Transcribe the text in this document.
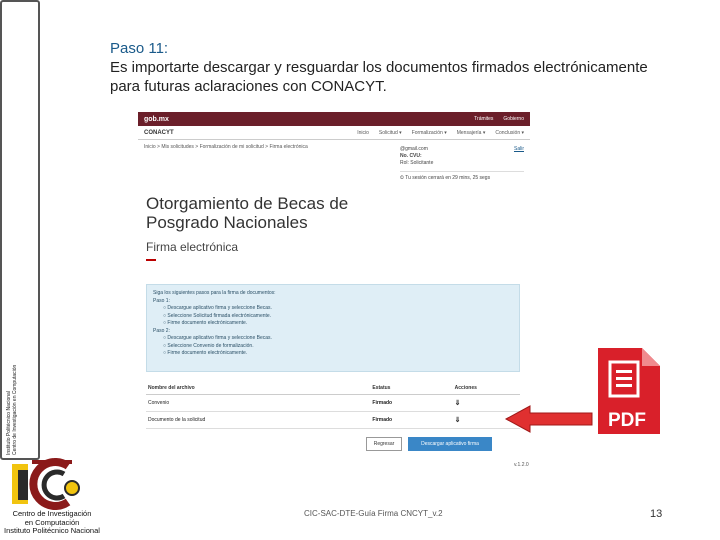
Instituto Politécnico Nacional Centro de Investigación en Computación
Paso 11:
Es importarte descargar y resguardar los documentos firmados electrónicamente para futuras aclaraciones con CONACYT.
gob.mx	Trámites Gobierno
CONACYT	Inicio Solicitud ▾ Formalización ▾ Mensajería ▾ Conclusión ▾
Inicio > Mis solicitudes > Formalización de mi solicitud > Firma electrónica	@gmail.com	Salir
No. CVU:
Rol: Solicitante
⏲ Tu sesión cerrará en 29 mins, 25 segs
Otorgamiento de Becas de Posgrado Nacionales
Firma electrónica
Siga los siguientes pasos para la firma de documentos:
Paso 1:
○ Descargue aplicativo firma y seleccione Becas.
○ Seleccione Solicitud firmada electrónicamente.
○ Firme documento electrónicamente.
Paso 2:
○ Descargue aplicativo firma y seleccione Becas.
○ Seleccione Convenio de formalización.
○ Firme documento electrónicamente.
Nombre del archivo	Estatus	Acciones
Convenio	Firmado	⇓
Documento de la solicitud	Firmado	⇓
Regresar	Descargar aplicativo firma
v.1.2.0
PDF
Centro de Investigación
en Computación
Instituto Politécnico Nacional
CIC-SAC-DTE-Guía Firma CNCYT_v.2	13
